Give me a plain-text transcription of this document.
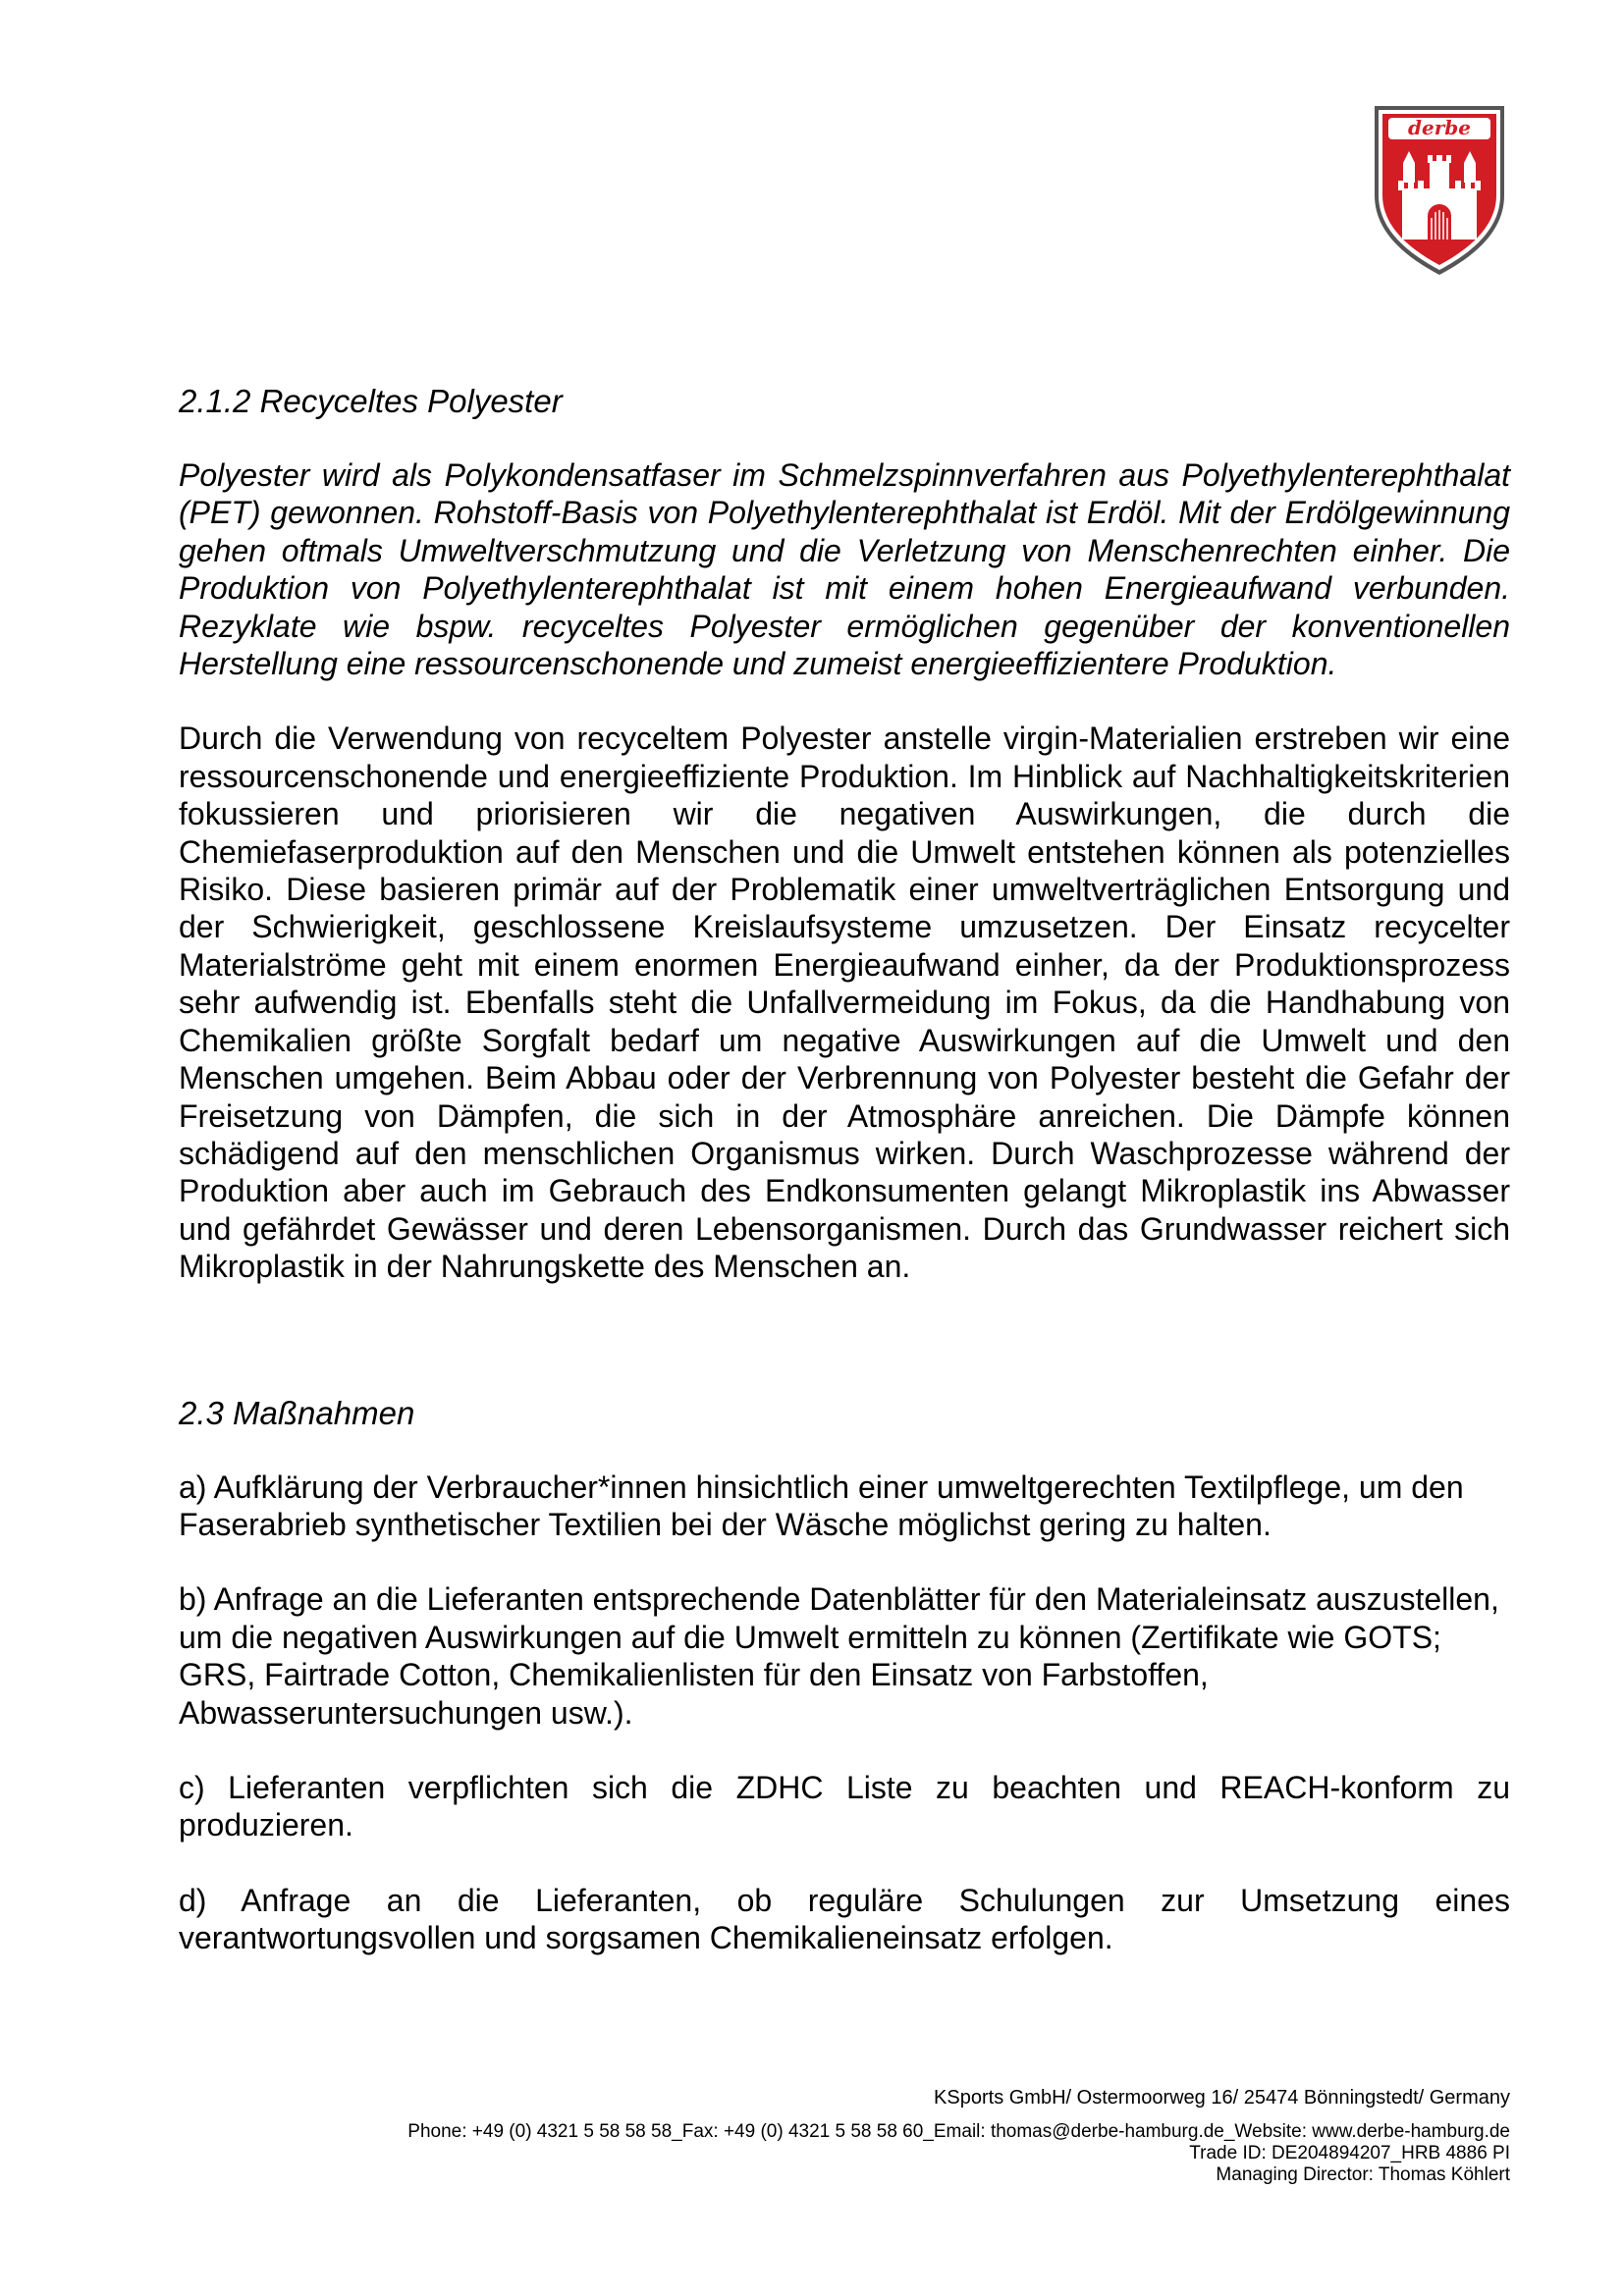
derbe

2.1.2 Recyceltes Polyester

Polyester wird als Polykondensatfaser im Schmelzspinnverfahren aus Polyethylenterephthalat (PET) gewonnen. Rohstoff-Basis von Polyethylenterephthalat ist Erdöl. Mit der Erdölgewinnung gehen oftmals Umweltverschmutzung und die Verletzung von Menschenrechten einher. Die Produktion von Polyethylenterephthalat ist mit einem hohen Energieaufwand verbunden. Rezyklate wie bspw. recyceltes Polyester ermöglichen gegenüber der konventionellen Herstellung eine ressourcenschonende und zumeist energieeffizientere Produktion.

Durch die Verwendung von recyceltem Polyester anstelle virgin-Materialien erstreben wir eine ressourcenschonende und energieeffiziente Produktion. Im Hinblick auf Nachhaltigkeitskriterien fokussieren und priorisieren wir die negativen Auswirkungen, die durch die Chemiefaserproduktion auf den Menschen und die Umwelt entstehen können als potenzielles Risiko. Diese basieren primär auf der Problematik einer umweltverträglichen Entsorgung und der Schwierigkeit, geschlossene Kreislaufsysteme umzusetzen. Der Einsatz recycelter Materialströme geht mit einem enormen Energieaufwand einher, da der Produktionsprozess sehr aufwendig ist. Ebenfalls steht die Unfallvermeidung im Fokus, da die Handhabung von Chemikalien größte Sorgfalt bedarf um negative Auswirkungen auf die Umwelt und den Menschen umgehen. Beim Abbau oder der Verbrennung von Polyester besteht die Gefahr der Freisetzung von Dämpfen, die sich in der Atmosphäre anreichen. Die Dämpfe können schädigend auf den menschlichen Organismus wirken. Durch Waschprozesse während der Produktion aber auch im Gebrauch des Endkonsumenten gelangt Mikroplastik ins Abwasser und gefährdet Gewässer und deren Lebensorganismen. Durch das Grundwasser reichert sich Mikroplastik in der Nahrungskette des Menschen an.

2.3 Maßnahmen

a) Aufklärung der Verbraucher*innen hinsichtlich einer umweltgerechten Textilpflege, um den Faserabrieb synthetischer Textilien bei der Wäsche möglichst gering zu halten.

b) Anfrage an die Lieferanten entsprechende Datenblätter für den Materialeinsatz auszustellen, um die negativen Auswirkungen auf die Umwelt ermitteln zu können (Zertifikate wie GOTS; GRS, Fairtrade Cotton, Chemikalienlisten für den Einsatz von Farbstoffen, Abwasseruntersuchungen usw.).

c) Lieferanten verpflichten sich die ZDHC Liste zu beachten und REACH-konform zu produzieren.

d) Anfrage an die Lieferanten, ob reguläre Schulungen zur Umsetzung eines verantwortungsvollen und sorgsamen Chemikalieneinsatz erfolgen.

KSports GmbH/ Ostermoorweg 16/ 25474 Bönningstedt/ Germany
Phone: +49 (0) 4321 5 58 58 58_Fax: +49 (0) 4321 5 58 58 60_Email: thomas@derbe-hamburg.de_Website: www.derbe-hamburg.de
Trade ID: DE204894207_HRB 4886 PI
Managing Director: Thomas Köhlert
